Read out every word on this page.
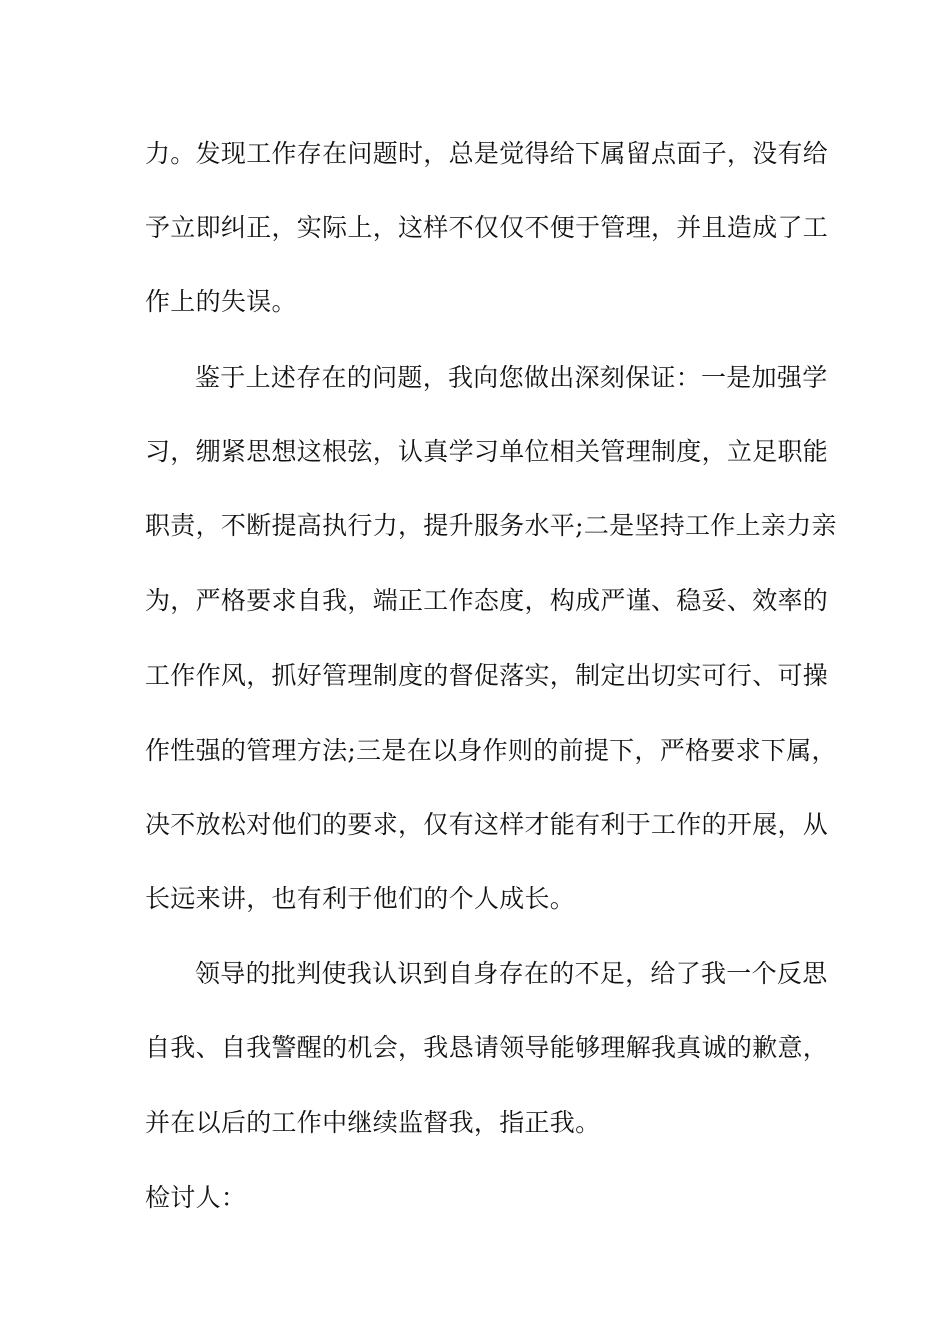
力。发现工作存在问题时，总是觉得给下属留点面子，没有给
予立即纠正，实际上，这样不仅仅不便于管理，并且造成了工
作上的失误。
鉴于上述存在的问题，我向您做出深刻保证：一是加强学
习，绷紧思想这根弦，认真学习单位相关管理制度，立足职能
职责，不断提高执行力，提升服务水平;二是坚持工作上亲力亲
为，严格要求自我，端正工作态度，构成严谨、稳妥、效率的
工作作风，抓好管理制度的督促落实，制定出切实可行、可操
作性强的管理方法;三是在以身作则的前提下，严格要求下属，
决不放松对他们的要求，仅有这样才能有利于工作的开展，从
长远来讲，也有利于他们的个人成长。
领导的批判使我认识到自身存在的不足，给了我一个反思
自我、自我警醒的机会，我恳请领导能够理解我真诚的歉意，
并在以后的工作中继续监督我，指正我。
检讨人：
